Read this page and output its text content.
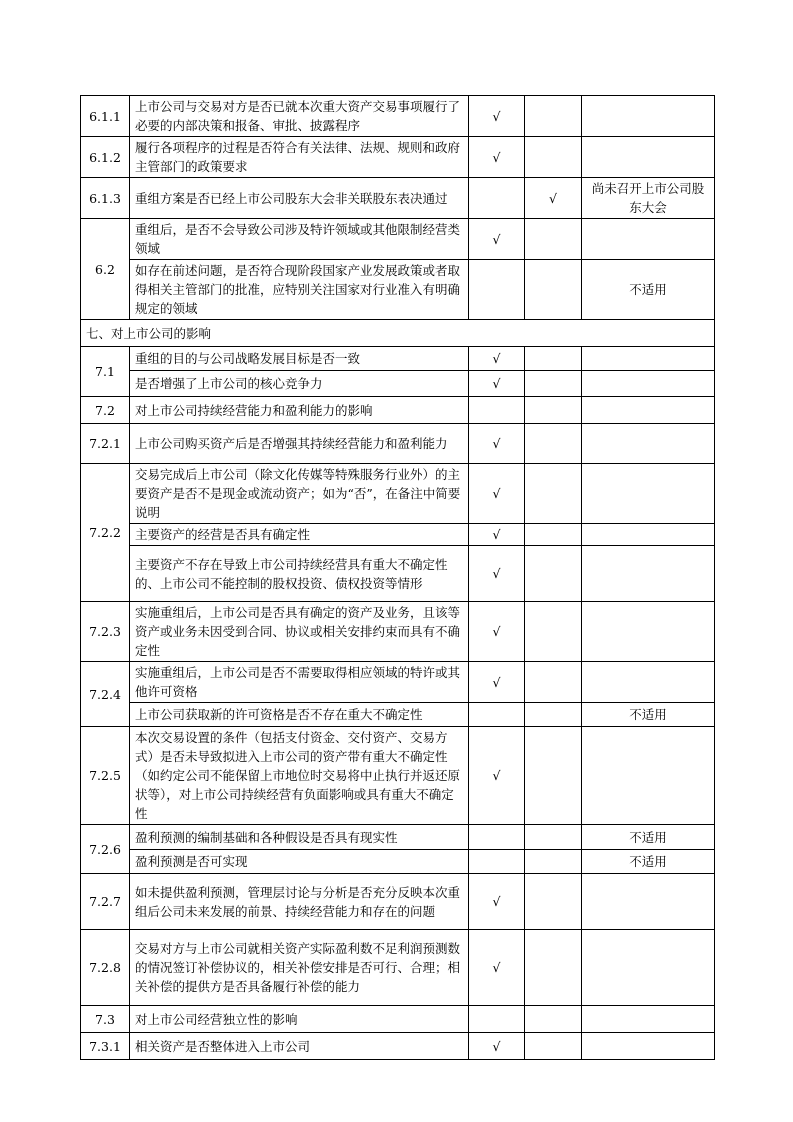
6.1.1	上市公司与交易对方是否已就本次重大资产交易事项履行了必要的内部决策和报备、审批、披露程序	√		
6.1.2	履行各项程序的过程是否符合有关法律、法规、规则和政府主管部门的政策要求	√		
6.1.3	重组方案是否已经上市公司股东大会非关联股东表决通过		√	尚未召开上市公司股东大会
6.2	重组后，是否不会导致公司涉及特许领域或其他限制经营类领域	√		
	如存在前述问题，是否符合现阶段国家产业发展政策或者取得相关主管部门的批准，应特别关注国家对行业准入有明确规定的领域			不适用
七、对上市公司的影响				
7.1	重组的目的与公司战略发展目标是否一致	√		
	是否增强了上市公司的核心竞争力	√		
7.2	对上市公司持续经营能力和盈利能力的影响			
7.2.1	上市公司购买资产后是否增强其持续经营能力和盈利能力	√		
7.2.2	交易完成后上市公司（除文化传媒等特殊服务行业外）的主要资产是否不是现金或流动资产；如为“否”，在备注中简要说明	√		
	主要资产的经营是否具有确定性	√		
	主要资产不存在导致上市公司持续经营具有重大不确定性的、上市公司不能控制的股权投资、债权投资等情形	√		
7.2.3	实施重组后，上市公司是否具有确定的资产及业务，且该等资产或业务未因受到合同、协议或相关安排约束而具有不确定性	√		
7.2.4	实施重组后，上市公司是否不需要取得相应领域的特许或其他许可资格	√		
	上市公司获取新的许可资格是否不存在重大不确定性			不适用
7.2.5	本次交易设置的条件（包括支付资金、交付资产、交易方式）是否未导致拟进入上市公司的资产带有重大不确定性（如约定公司不能保留上市地位时交易将中止执行并返还原状等），对上市公司持续经营有负面影响或具有重大不确定性	√		
7.2.6	盈利预测的编制基础和各种假设是否具有现实性			不适用
	盈利预测是否可实现			不适用
7.2.7	如未提供盈利预测，管理层讨论与分析是否充分反映本次重组后公司未来发展的前景、持续经营能力和存在的问题	√		
7.2.8	交易对方与上市公司就相关资产实际盈利数不足利润预测数的情况签订补偿协议的，相关补偿安排是否可行、合理；相关补偿的提供方是否具备履行补偿的能力	√		
7.3	对上市公司经营独立性的影响			
7.3.1	相关资产是否整体进入上市公司	√		
